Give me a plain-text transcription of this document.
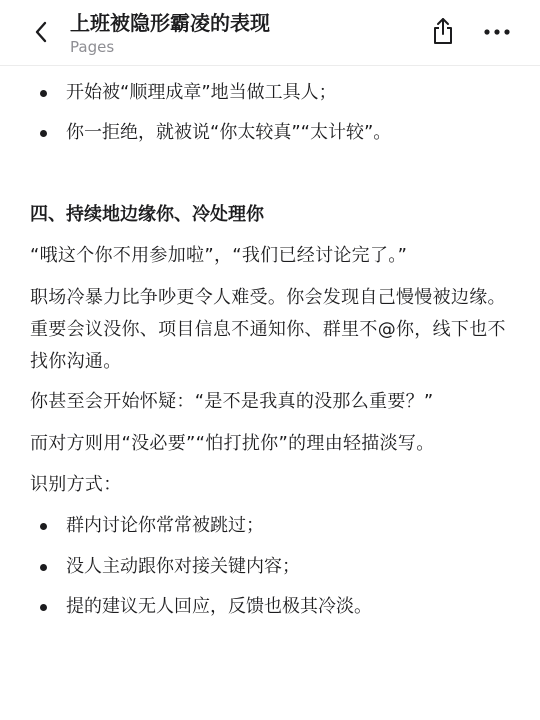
上班被隐形霸凌的表现
Pages
开始被“顺理成章”地当做工具人；
你一拒绝，就被说“你太较真”“太计较”。
四、持续地边缘你、冷处理你
“哦这个你不用参加啦”，“我们已经讨论完了。”
职场冷暴力比争吵更令人难受。你会发现自己慢慢被边缘。重要会议没你、项目信息不通知你、群里不@你，线下也不找你沟通。
你甚至会开始怀疑：“是不是我真的没那么重要？”
而对方则用“没必要”“怕打扰你”的理由轻描淡写。
识别方式：
群内讨论你常常被跳过；
没人主动跟你对接关键内容；
提的建议无人回应，反馈也极其冷淡。
